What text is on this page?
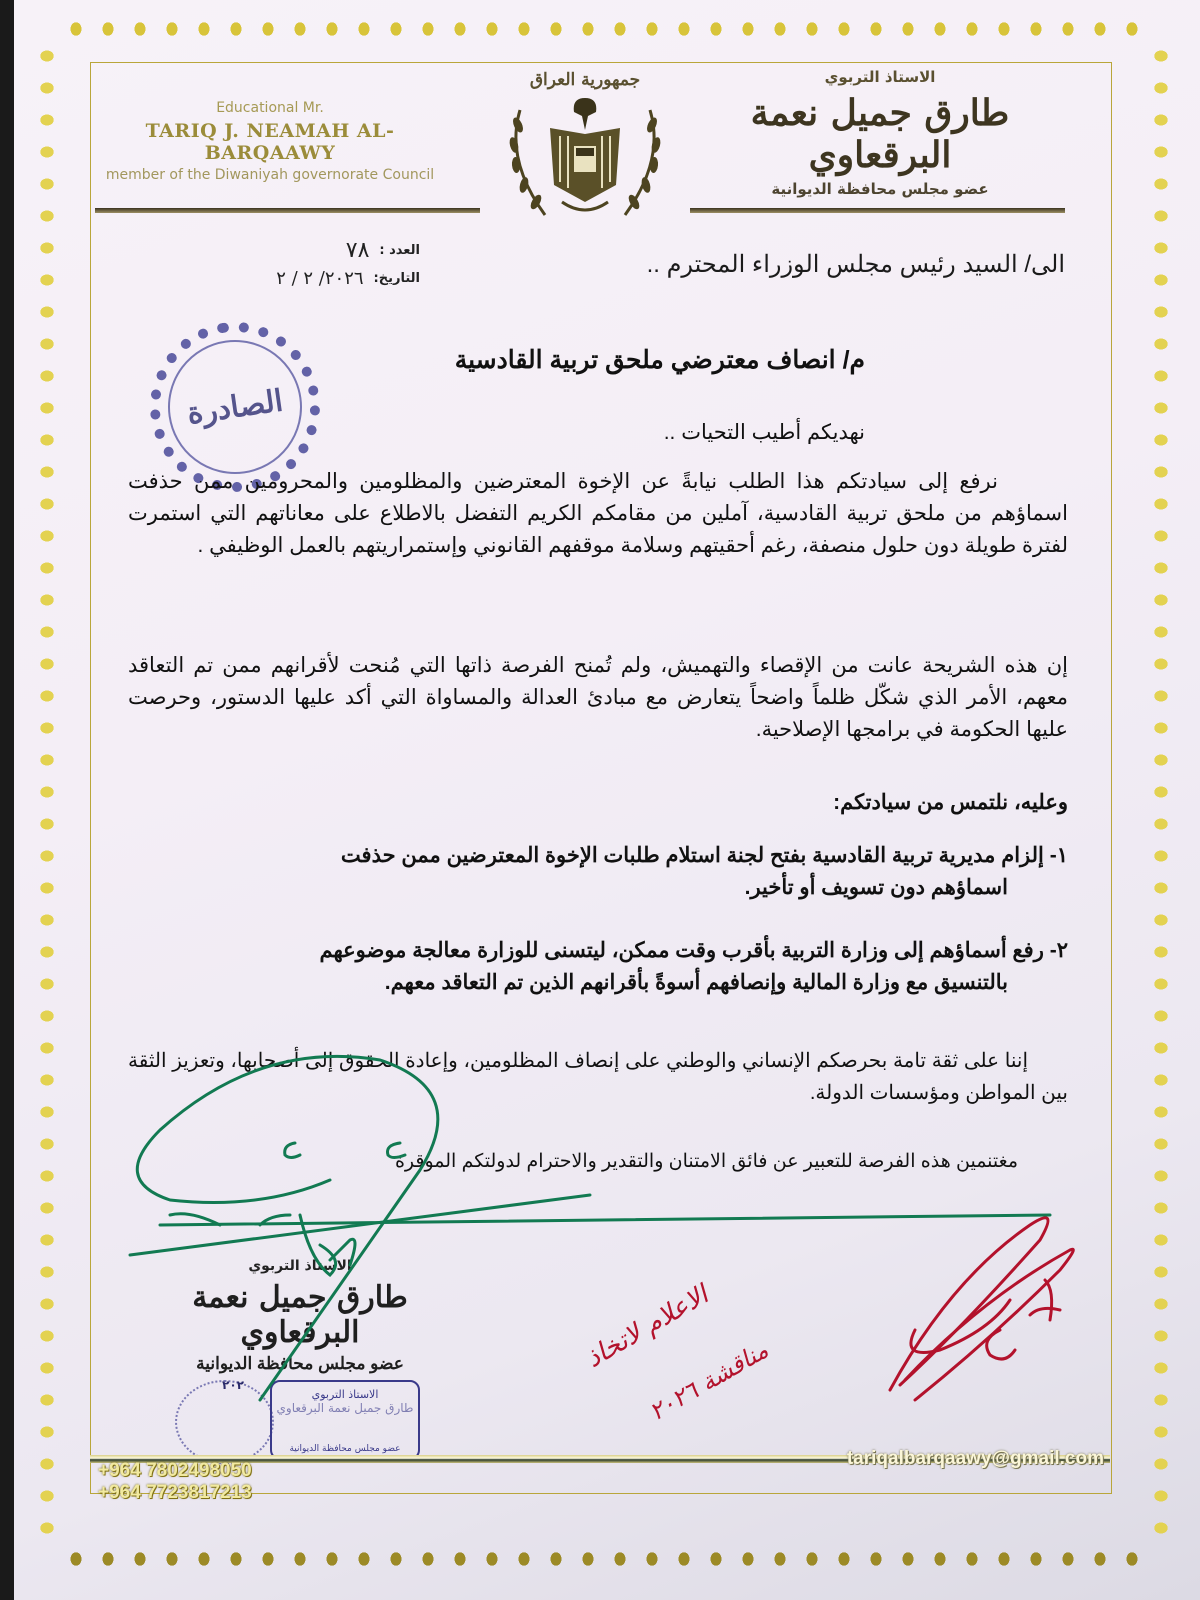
Educational Mr.
TARIQ J. NEAMAH AL-BARQAAWY
member of the Diwaniyah governorate Council
جمهورية العراق	الاستاذ التربوي
طارق جميل نعمة البرقعاوي
عضو مجلس محافظة الديوانية
العدد :
٧٨
التاريخ:
٢٠٢٦/ ٢ / ٢	الى/ السيد رئيس مجلس الوزراء المحترم ..
الصادرة
م/ انصاف معترضي ملحق تربية القادسية
نهديكم أطيب التحيات ..
نرفع إلى سيادتكم هذا الطلب نيابةً عن الإخوة المعترضين والمظلومين والمحرومين ممن حذفت اسماؤهم من ملحق تربية القادسية، آملين من مقامكم الكريم التفضل بالاطلاع على معاناتهم التي استمرت لفترة طويلة دون حلول منصفة، رغم أحقيتهم وسلامة موقفهم القانوني وإستمراريتهم بالعمل الوظيفي .
إن هذه الشريحة عانت من الإقصاء والتهميش، ولم تُمنح الفرصة ذاتها التي مُنحت لأقرانهم ممن تم التعاقد معهم، الأمر الذي شكّل ظلماً واضحاً يتعارض مع مبادئ العدالة والمساواة التي أكد عليها الدستور، وحرصت عليها الحكومة في برامجها الإصلاحية.
وعليه، نلتمس من سيادتكم:
١- إلزام مديرية تربية القادسية بفتح لجنة استلام طلبات الإخوة المعترضين ممن حذفت
اسماؤهم دون تسويف أو تأخير.
٢- رفع أسماؤهم إلى وزارة التربية بأقرب وقت ممكن، ليتسنى للوزارة معالجة موضوعهم
بالتنسيق مع وزارة المالية وإنصافهم أسوةً بأقرانهم الذين تم التعاقد معهم.
إننا على ثقة تامة بحرصكم الإنساني والوطني على إنصاف المظلومين، وإعادة الحقوق إلى أصحابها، وتعزيز الثقة بين المواطن ومؤسسات الدولة.
مغتنمين هذه الفرصة للتعبير عن فائق الامتنان والتقدير والاحترام لدولتكم الموقرة
الاستاذ التربوي
طارق جميل نعمة البرقعاوي
عضو مجلس محافظة الديوانية
٢٠٢
الاستاذ التربوي
طارق جميل نعمة البرقعاوي
عضو مجلس محافظة الديوانية
+964 7802498050
+964 7723817213
tariqalbarqaawy@gmail.com
الاعلام لاتخاذ
مناقشة ٢٠٢٦
